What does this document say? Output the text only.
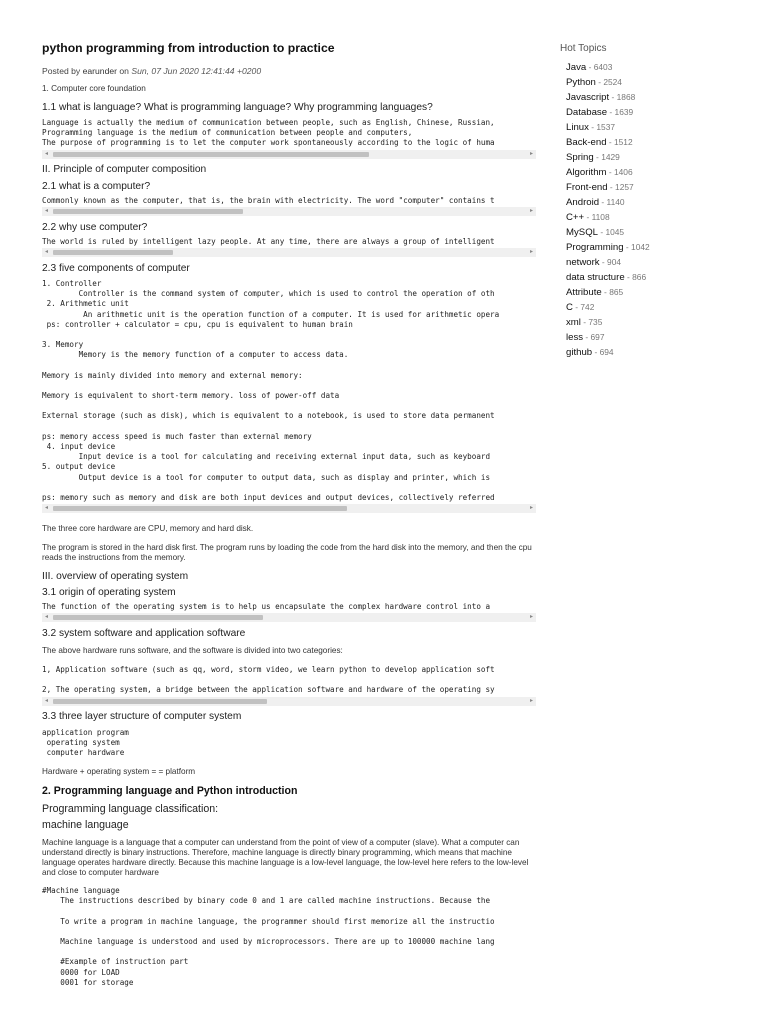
python programming from introduction to practice
Posted by earunder on Sun, 07 Jun 2020 12:41:44 +0200

1. Computer core foundation

1.1 what is language? What is programming language? Why programming languages?

Language is actually the medium of communication between people, such as English, Chinese, Russian,
Programming language is the medium of communication between people and computers,
The purpose of programming is to let the computer work spontaneously according to the logic of huma
◂	▸

II. Principle of computer composition

2.1 what is a computer?

Commonly known as the computer, that is, the brain with electricity. The word "computer" contains t
◂	▸

2.2 why use computer?

The world is ruled by intelligent lazy people. At any time, there are always a group of intelligent
◂	▸

2.3 five components of computer

1. Controller
Controller is the command system of computer, which is used to control the operation of oth
2. Arithmetic unit
An arithmetic unit is the operation function of a computer. It is used for arithmetic opera
ps: controller + calculator = cpu, cpu is equivalent to human brain
3. Memory
Memory is the memory function of a computer to access data.

Memory is mainly divided into memory and external memory:

Memory is equivalent to short-term memory. loss of power-off data

External storage (such as disk), which is equivalent to a notebook, is used to store data permanent

ps: memory access speed is much faster than external memory
4. input device
Input device is a tool for calculating and receiving external input data, such as keyboard
5. output device
Output device is a tool for computer to output data, such as display and printer, which is

ps: memory such as memory and disk are both input devices and output devices, collectively referred
◂	▸

The three core hardware are CPU, memory and hard disk.

The program is stored in the hard disk first. The program runs by loading the code from the hard disk into the memory, and then the cpu reads the instructions from the memory.

III. overview of operating system

3.1 origin of operating system

The function of the operating system is to help us encapsulate the complex hardware control into a
◂	▸

3.2 system software and application software

The above hardware runs software, and the software is divided into two categories:

1, Application software (such as qq, word, storm video, we learn python to develop application soft

2, The operating system, a bridge between the application software and hardware of the operating sy
◂	▸

3.3 three layer structure of computer system

application program
operating system
computer hardware

Hardware + operating system = = platform

2. Programming language and Python introduction

Programming language classification:

machine language

Machine language is a language that a computer can understand from the point of view of a computer (slave). What a computer can understand directly is binary instructions. Therefore, machine language is directly binary programming, which means that machine language operates hardware directly. Because this machine language is a low-level language, the low-level here refers to the low-level and close to computer hardware

#Machine language
The instructions described by binary code 0 and 1 are called machine instructions. Because the

To write a program in machine language, the programmer should first memorize all the instructio

Machine language is understood and used by microprocessors. There are up to 100000 machine lang

#Example of instruction part
0000 for LOAD
0001 for storage

Hot Topics

Java - 6403
Python - 2524
Javascript - 1868
Database - 1639
Linux - 1537
Back-end - 1512
Spring - 1429
Algorithm - 1406
Front-end - 1257
Android - 1140
C++ - 1108
MySQL - 1045
Programming - 1042
network - 904
data structure - 866
Attribute - 865
C - 742
xml - 735
less - 697
github - 694
